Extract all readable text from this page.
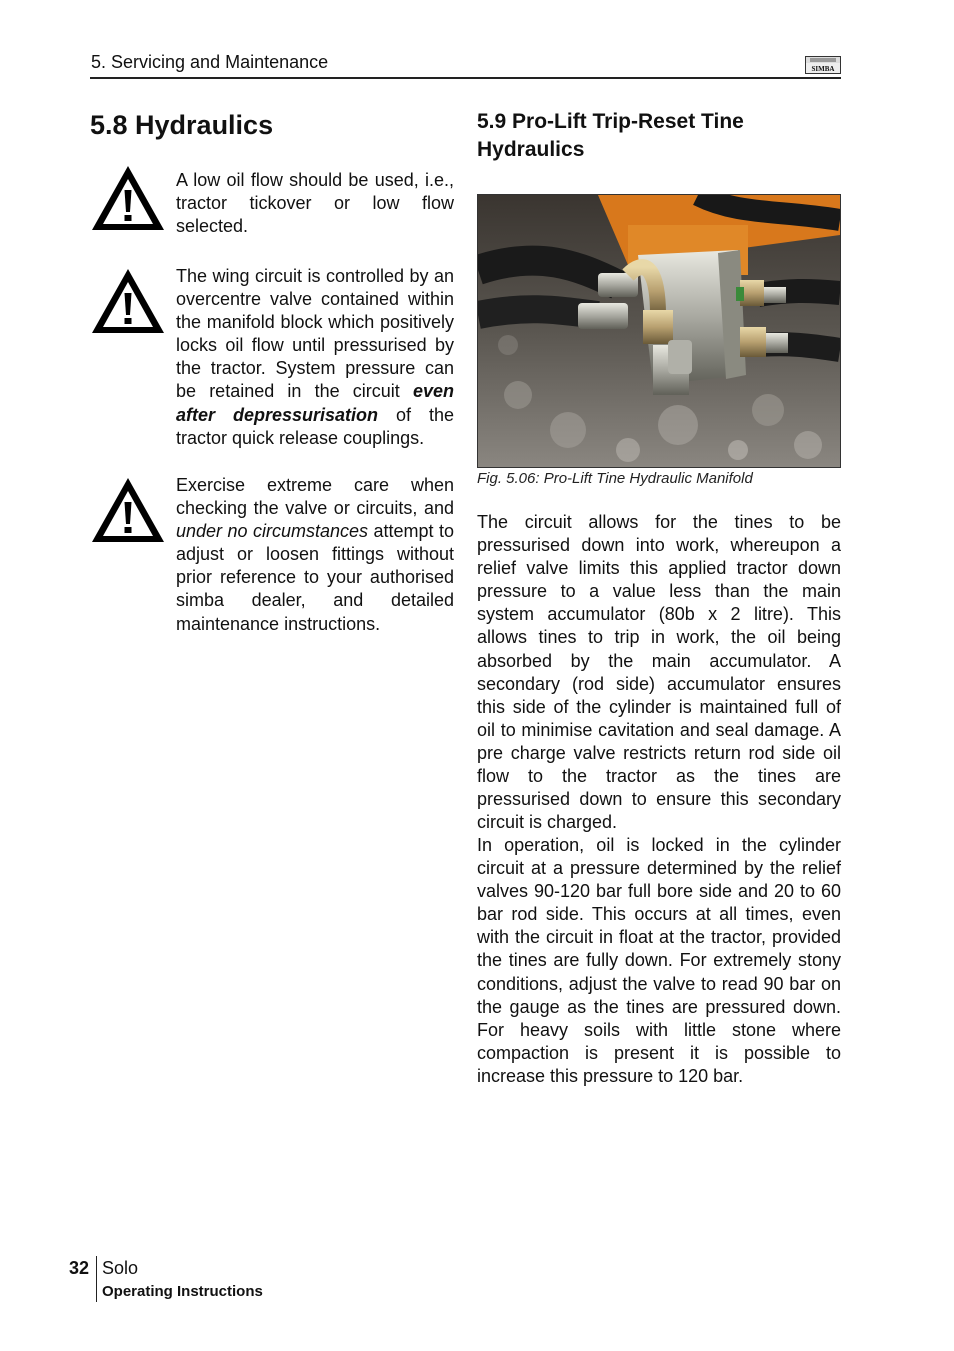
5. Servicing and Maintenance	SIMBA
5.8 Hydraulics
A low oil flow should be used, i.e., tractor tickover or low flow selected.
The wing circuit is controlled by an overcentre valve contained within the manifold block which positively locks oil flow until pressurised by the tractor. System pressure can be retained in the circuit even after depressurisation of the tractor quick release couplings.
Exercise extreme care when checking the valve or circuits, and under no circumstances attempt to adjust or loosen fittings without prior reference to your authorised simba dealer, and detailed maintenance instructions.
5.9 Pro-Lift Trip-Reset Tine Hydraulics
Fig. 5.06: Pro-Lift Tine Hydraulic Manifold

The circuit allows for the tines to be pressurised down into work, whereupon a relief valve limits this applied tractor down pressure to a value less than the main system accumulator (80b x 2 litre). This allows tines to trip in work, the oil being absorbed by the main accumulator. A secondary (rod side) accumulator ensures this side of the cylinder is maintained full of oil to minimise cavitation and seal damage. A pre charge valve restricts return rod side oil flow to the tractor as the tines are pressurised down to ensure this secondary circuit is charged.

In operation, oil is locked in the cylinder circuit at a pressure determined by the relief valves 90-120 bar full bore side and 20 to 60 bar rod side. This occurs at all times, even with the circuit in float at the tractor, provided the tines are fully down. For extremely stony conditions, adjust the valve to read 90 bar on the gauge as the tines are pressured down. For heavy soils with little stone where compaction is present it is possible to increase this pressure to 120 bar.

32 Solo
Operating Instructions
